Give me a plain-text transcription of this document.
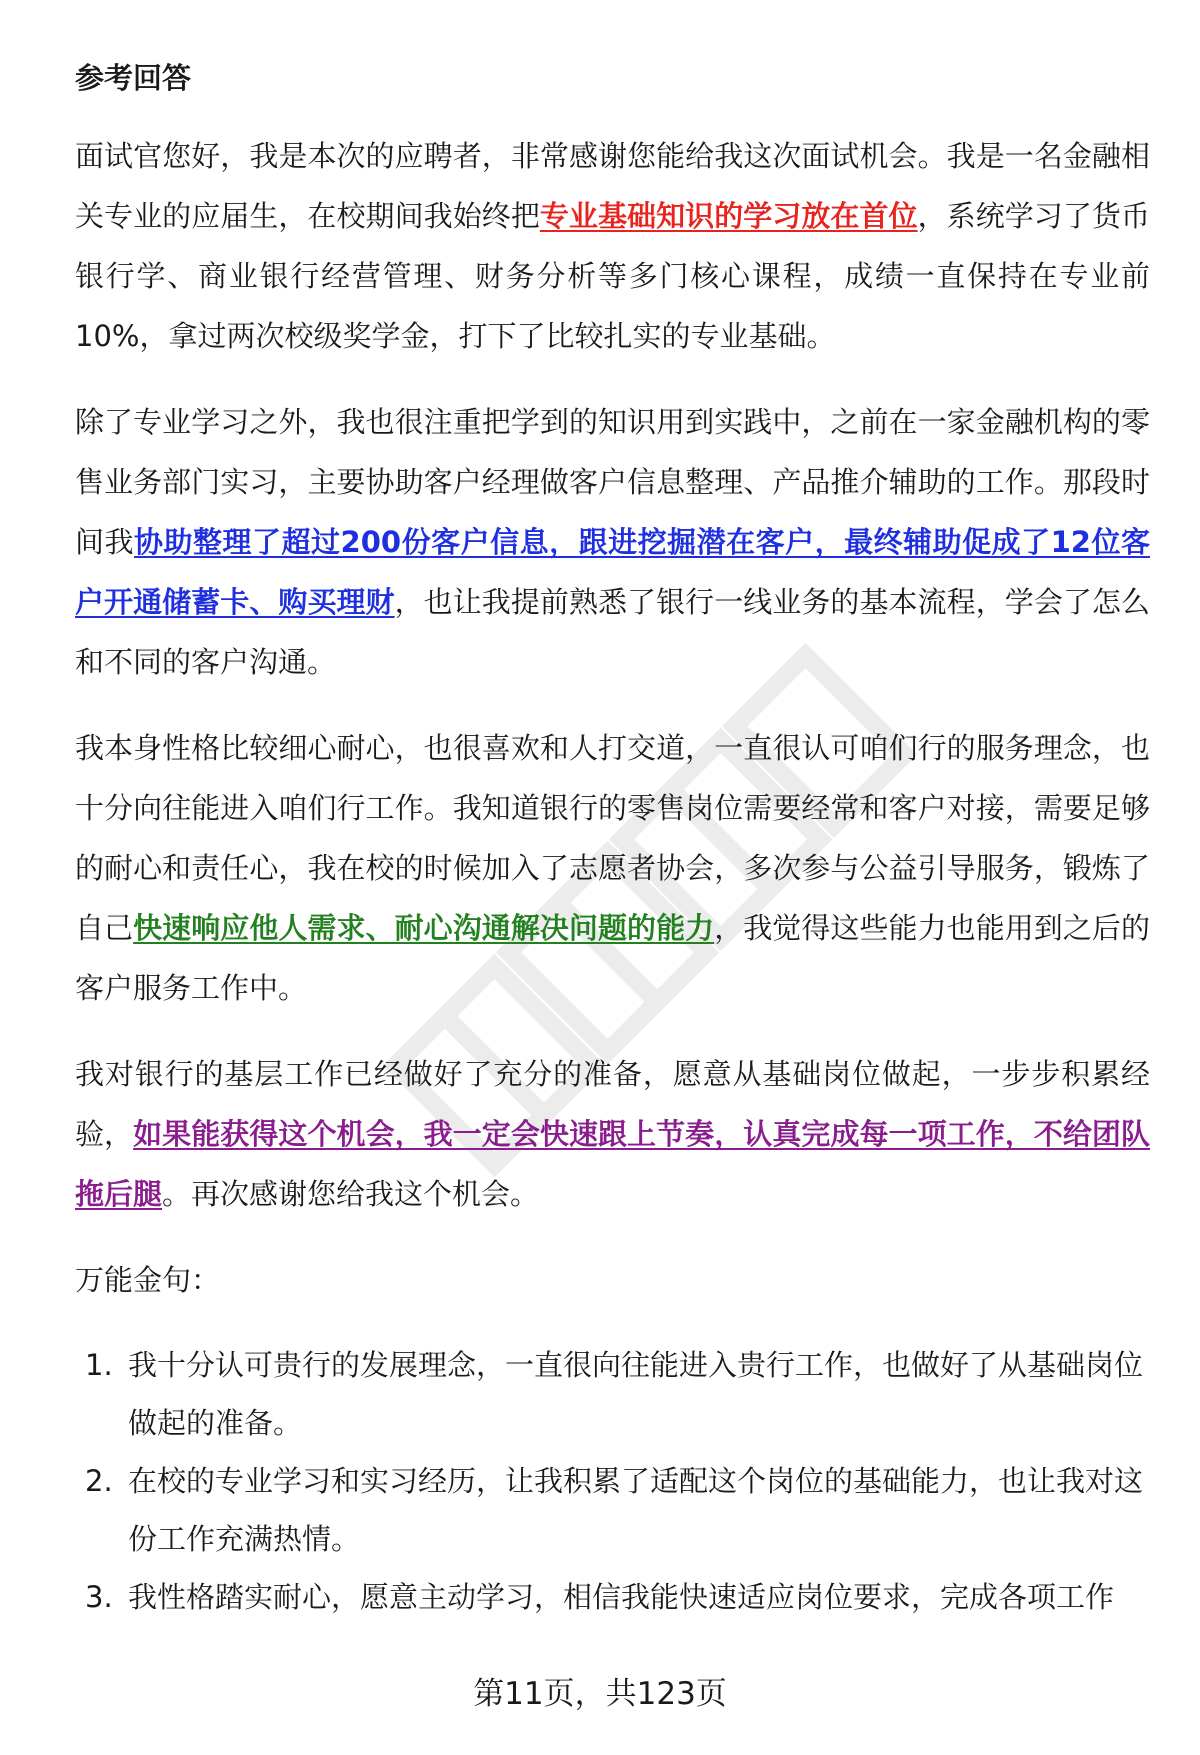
参考回答

面试官您好，我是本次的应聘者，非常感谢您能给我这次面试机会。我是一名金融相关专业的应届生，在校期间我始终把专业基础知识的学习放在首位，系统学习了货币银行学、商业银行经营管理、财务分析等多门核心课程，成绩一直保持在专业前10%，拿过两次校级奖学金，打下了比较扎实的专业基础。

除了专业学习之外，我也很注重把学到的知识用到实践中，之前在一家金融机构的零售业务部门实习，主要协助客户经理做客户信息整理、产品推介辅助的工作。那段时间我协助整理了超过200份客户信息，跟进挖掘潜在客户，最终辅助促成了12位客户开通储蓄卡、购买理财，也让我提前熟悉了银行一线业务的基本流程，学会了怎么和不同的客户沟通。

我本身性格比较细心耐心，也很喜欢和人打交道，一直很认可咱们行的服务理念，也十分向往能进入咱们行工作。我知道银行的零售岗位需要经常和客户对接，需要足够的耐心和责任心，我在校的时候加入了志愿者协会，多次参与公益引导服务，锻炼了自己快速响应他人需求、耐心沟通解决问题的能力，我觉得这些能力也能用到之后的客户服务工作中。

我对银行的基层工作已经做好了充分的准备，愿意从基础岗位做起，一步步积累经验，如果能获得这个机会，我一定会快速跟上节奏，认真完成每一项工作，不给团队拖后腿。再次感谢您给我这个机会。

万能金句：

1. 我十分认可贵行的发展理念，一直很向往能进入贵行工作，也做好了从基础岗位做起的准备。
2. 在校的专业学习和实习经历，让我积累了适配这个岗位的基础能力，也让我对这份工作充满热情。
3. 我性格踏实耐心，愿意主动学习，相信我能快速适应岗位要求，完成各项工作
第11页，共123页
